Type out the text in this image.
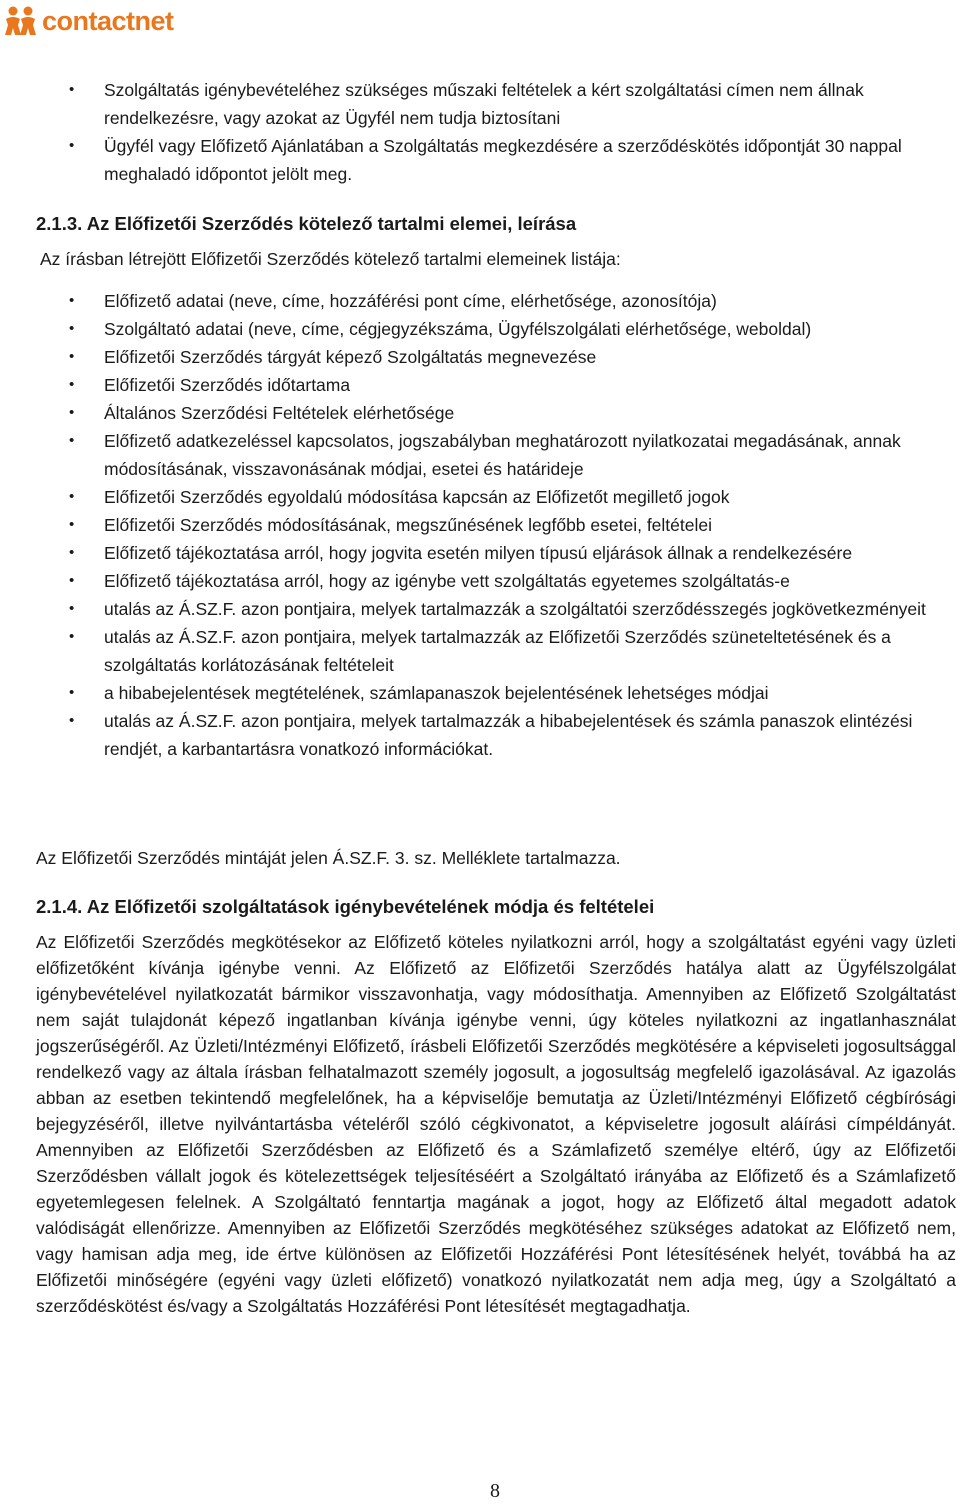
contactnet
• Szolgáltatás igénybevételéhez szükséges műszaki feltételek a kért szolgáltatási címen nem állnak rendelkezésre, vagy azokat az Ügyfél nem tudja biztosítani
• Ügyfél vagy Előfizető Ajánlatában a Szolgáltatás megkezdésére a szerződéskötés időpontját 30 nappal meghaladó időpontot jelölt meg.
2.1.3. Az Előfizetői Szerződés kötelező tartalmi elemei, leírása
Az írásban létrejött Előfizetői Szerződés kötelező tartalmi elemeinek listája:
• Előfizető adatai (neve, címe, hozzáférési pont címe, elérhetősége, azonosítója)
• Szolgáltató adatai (neve, címe, cégjegyzékszáma, Ügyfélszolgálati elérhetősége, weboldal)
• Előfizetői Szerződés tárgyát képező Szolgáltatás megnevezése
• Előfizetői Szerződés időtartama
• Általános Szerződési Feltételek elérhetősége
• Előfizető adatkezeléssel kapcsolatos, jogszabályban meghatározott nyilatkozatai megadásának, annak módosításának, visszavonásának módjai, esetei és határideje
• Előfizetői Szerződés egyoldalú módosítása kapcsán az Előfizetőt megillető jogok
• Előfizetői Szerződés módosításának, megszűnésének legfőbb esetei, feltételei
• Előfizető tájékoztatása arról, hogy jogvita esetén milyen típusú eljárások állnak a rendelkezésére
• Előfizető tájékoztatása arról, hogy az igénybe vett szolgáltatás egyetemes szolgáltatás-e
• utalás az Á.SZ.F. azon pontjaira, melyek tartalmazzák a szolgáltatói szerződésszegés jogkövetkezményeit
• utalás az Á.SZ.F. azon pontjaira, melyek tartalmazzák az Előfizetői Szerződés szüneteltetésének és a szolgáltatás korlátozásának feltételeit
• a hibabejelentések megtételének, számlapanaszok bejelentésének lehetséges módjai
• utalás az Á.SZ.F. azon pontjaira, melyek tartalmazzák a hibabejelentések és számla panaszok elintézési rendjét, a karbantartásra vonatkozó információkat.
Az Előfizetői Szerződés mintáját jelen Á.SZ.F. 3. sz. Melléklete tartalmazza.
2.1.4. Az Előfizetői szolgáltatások igénybevételének módja és feltételei
Az Előfizetői Szerződés megkötésekor az Előfizető köteles nyilatkozni arról, hogy a szolgáltatást egyéni vagy üzleti előfizetőként kívánja igénybe venni. Az Előfizető az Előfizetői Szerződés hatálya alatt az Ügyfélszolgálat igénybevételével nyilatkozatát bármikor visszavonhatja, vagy módosíthatja. Amennyiben az Előfizető Szolgáltatást nem saját tulajdonát képező ingatlanban kívánja igénybe venni, úgy köteles nyilatkozni az ingatlanhasználat jogszerűségéről. Az Üzleti/Intézményi Előfizető, írásbeli Előfizetői Szerződés megkötésére a képviseleti jogosultsággal rendelkező vagy az általa írásban felhatalmazott személy jogosult, a jogosultság megfelelő igazolásával. Az igazolás abban az esetben tekintendő megfelelőnek, ha a képviselője bemutatja az Üzleti/Intézményi Előfizető cégbírósági bejegyzéséről, illetve nyilvántartásba vételéről szóló cégkivonatot, a képviseletre jogosult aláírási címpéldányát. Amennyiben az Előfizetői Szerződésben az Előfizető és a Számlafizető személye eltérő, úgy az Előfizetői Szerződésben vállalt jogok és kötelezettségek teljesítéséért a Szolgáltató irányába az Előfizető és a Számlafizető egyetemlegesen felelnek. A Szolgáltató fenntartja magának a jogot, hogy az Előfizető által megadott adatok valódiságát ellenőrizze. Amennyiben az Előfizetői Szerződés megkötéséhez szükséges adatokat az Előfizető nem, vagy hamisan adja meg, ide értve különösen az Előfizetői Hozzáférési Pont létesítésének helyét, továbbá ha az Előfizetői minőségére (egyéni vagy üzleti előfizető) vonatkozó nyilatkozatát nem adja meg, úgy a Szolgáltató a szerződéskötést és/vagy a Szolgáltatás Hozzáférési Pont létesítését megtagadhatja.
8
